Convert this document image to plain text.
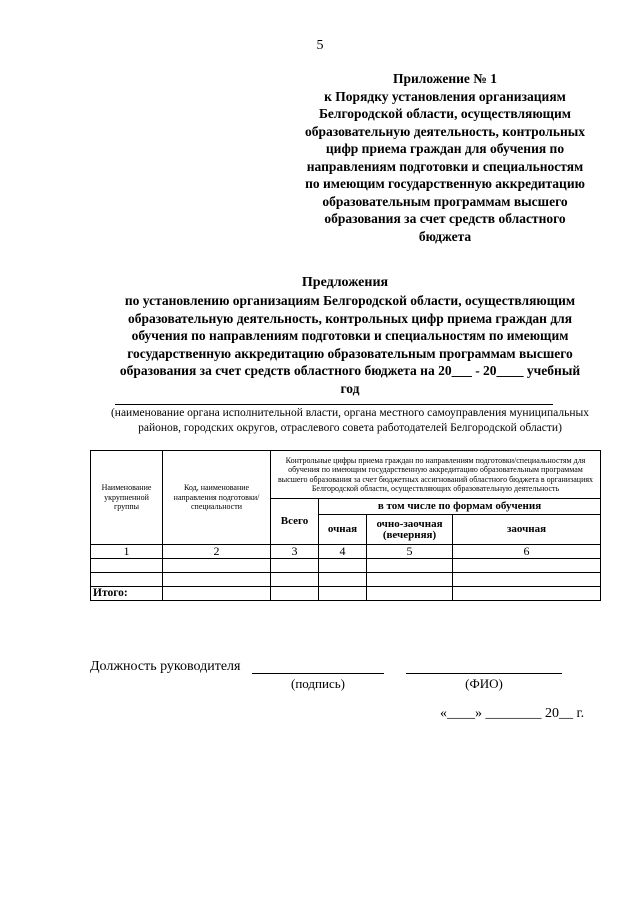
5
Приложение № 1
к Порядку установления организациям
Белгородской области, осуществляющим
образовательную деятельность, контрольных
цифр приема граждан для обучения по
направлениям подготовки и специальностям
по имеющим государственную аккредитацию
образовательным программам высшего
образования за счет средств областного
бюджета
Предложения
по установлению организациям Белгородской области, осуществляющим
образовательную деятельность, контрольных цифр приема граждан для
обучения по направлениям подготовки и специальностям по имеющим
государственную аккредитацию образовательным программам высшего
образования за счет средств областного бюджета на 20___ - 20____ учебный
год
(наименование органа исполнительной власти, органа местного самоуправления муниципальных
районов, городских округов, отраслевого совета работодателей Белгородской области)
Наименование укрупненной группы	Код, наименование направления подготовки/ специальности	Контрольные цифры приема граждан по направлениям подготовки/специальностям для обучения по имеющим государственную аккредитацию образовательным программам высшего образования за счет бюджетных ассигнований областного бюджета в организациях Белгородской области, осуществляющих образовательную деятельность			
		Всего	в том числе по формам обучения		
			очная	очно-заочная (вечерняя)	заочная
1	2	3	4	5	6

Итого:					
Должность руководителя
(подпись)	(ФИО)
«____» ________ 20__ г.
